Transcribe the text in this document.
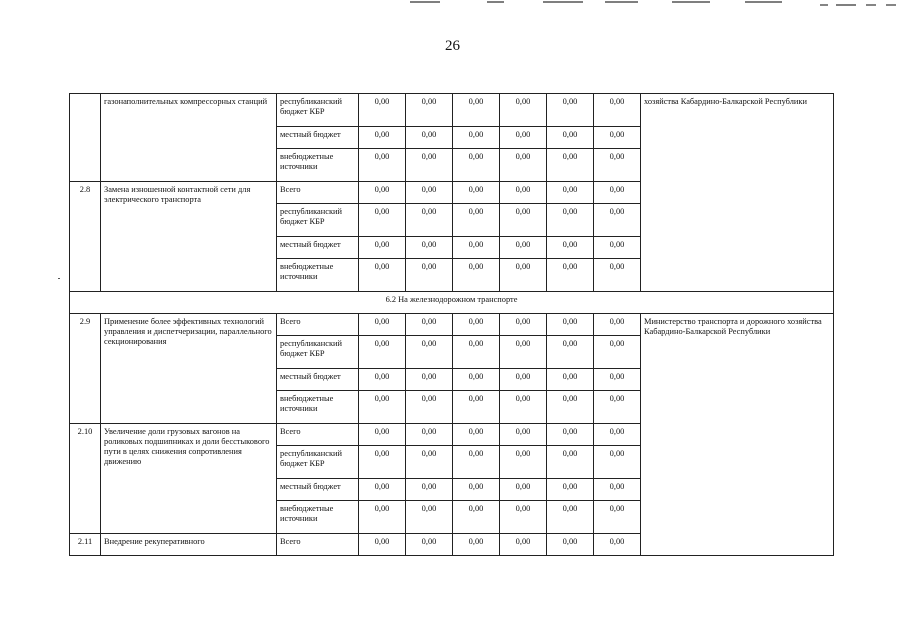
26
	газонаполнительных компрессорных станций	республиканский бюджет КБР	0,00	0,00	0,00	0,00	0,00	0,00	хозяйства Кабардино-Балкарской Республики
		местный бюджет	0,00	0,00	0,00	0,00	0,00	0,00	
		внебюджетные источники	0,00	0,00	0,00	0,00	0,00	0,00	
2.8	Замена изношенной контактной сети для электрического транспорта	Всего	0,00	0,00	0,00	0,00	0,00	0,00	
		республиканский бюджет КБР	0,00	0,00	0,00	0,00	0,00	0,00	
		местный бюджет	0,00	0,00	0,00	0,00	0,00	0,00	
		внебюджетные источники	0,00	0,00	0,00	0,00	0,00	0,00	
6.2 На железнодорожном транспорте									
2.9	Применение более эффективных технологий управления и диспетчеризации, параллельного секционирования	Всего	0,00	0,00	0,00	0,00	0,00	0,00	Министерство транспорта и дорожного хозяйства Кабардино-Балкарской Республики
		республиканский бюджет КБР	0,00	0,00	0,00	0,00	0,00	0,00	
		местный бюджет	0,00	0,00	0,00	0,00	0,00	0,00	
		внебюджетные источники	0,00	0,00	0,00	0,00	0,00	0,00	
2.10	Увеличение доли грузовых вагонов на роликовых подшипниках и доли бесстыкового пути в целях снижения сопротивления движению	Всего	0,00	0,00	0,00	0,00	0,00	0,00	
		республиканский бюджет КБР	0,00	0,00	0,00	0,00	0,00	0,00	
		местный бюджет	0,00	0,00	0,00	0,00	0,00	0,00	
		внебюджетные источники	0,00	0,00	0,00	0,00	0,00	0,00	
2.11	Внедрение рекуперативного	Всего	0,00	0,00	0,00	0,00	0,00	0,00	
